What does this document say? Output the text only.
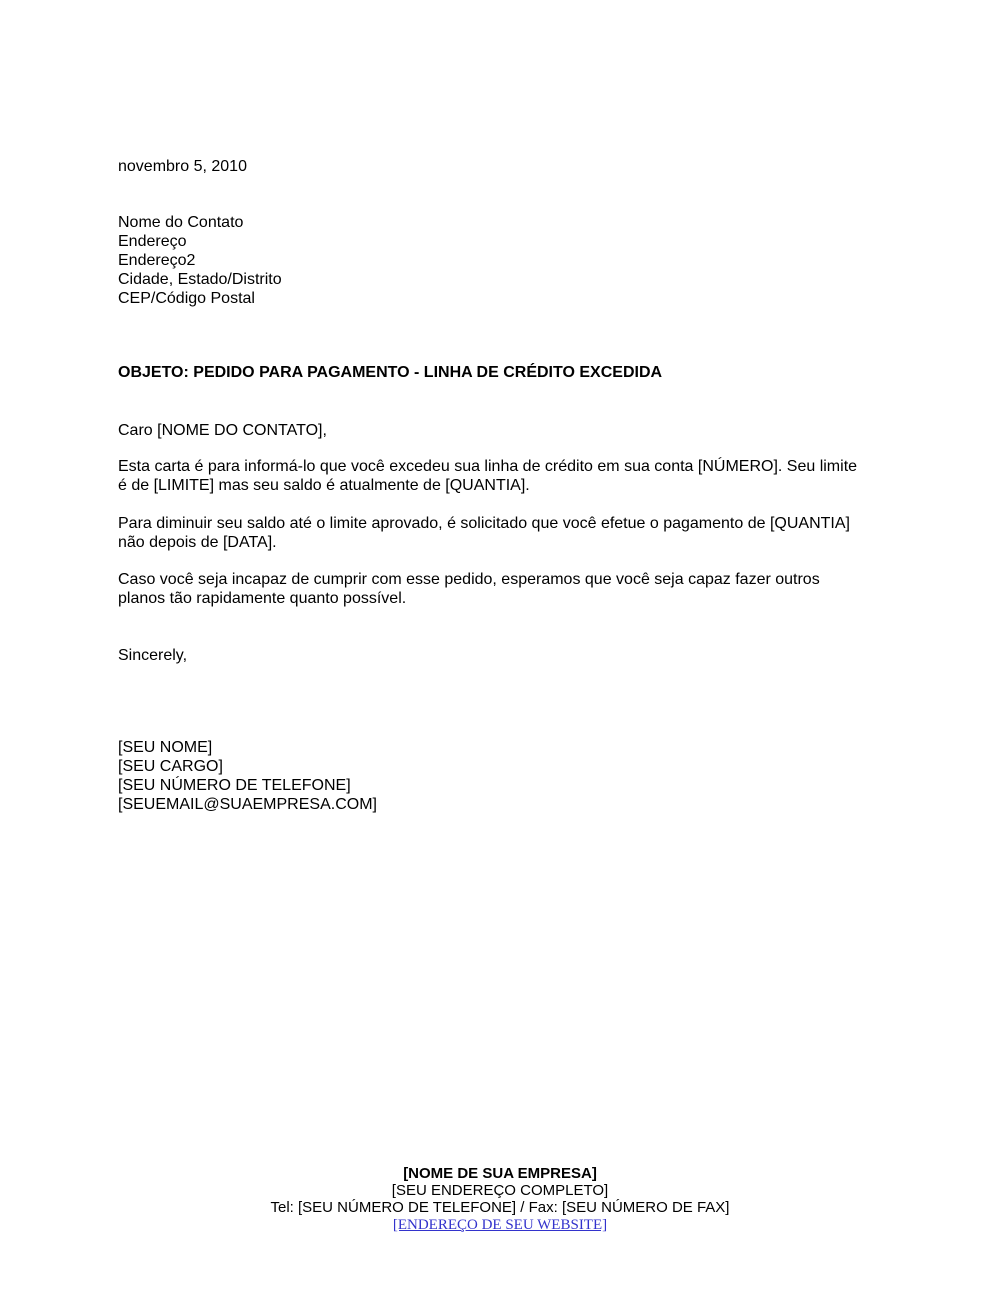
novembro 5, 2010

Nome do Contato
Endereço
Endereço2
Cidade, Estado/Distrito
CEP/Código Postal

OBJETO: PEDIDO PARA PAGAMENTO - LINHA DE CRÉDITO EXCEDIDA

Caro [NOME DO CONTATO],

Esta carta é para informá-lo que você excedeu sua linha de crédito em sua conta [NÚMERO]. Seu limite
é de [LIMITE] mas seu saldo é atualmente de [QUANTIA].

Para diminuir seu saldo até o limite aprovado, é solicitado que você efetue o pagamento de [QUANTIA]
não depois de [DATA].

Caso você seja incapaz de cumprir com esse pedido, esperamos que você seja capaz fazer outros
planos tão rapidamente quanto possível.

Sincerely,

[SEU NOME]
[SEU CARGO]
[SEU NÚMERO DE TELEFONE]
[SEUEMAIL@SUAEMPRESA.COM]
[NOME DE SUA EMPRESA]
[SEU ENDEREÇO COMPLETO]
Tel: [SEU NÚMERO DE TELEFONE] / Fax: [SEU NÚMERO DE FAX]
[ENDEREÇO DE SEU WEBSITE]
